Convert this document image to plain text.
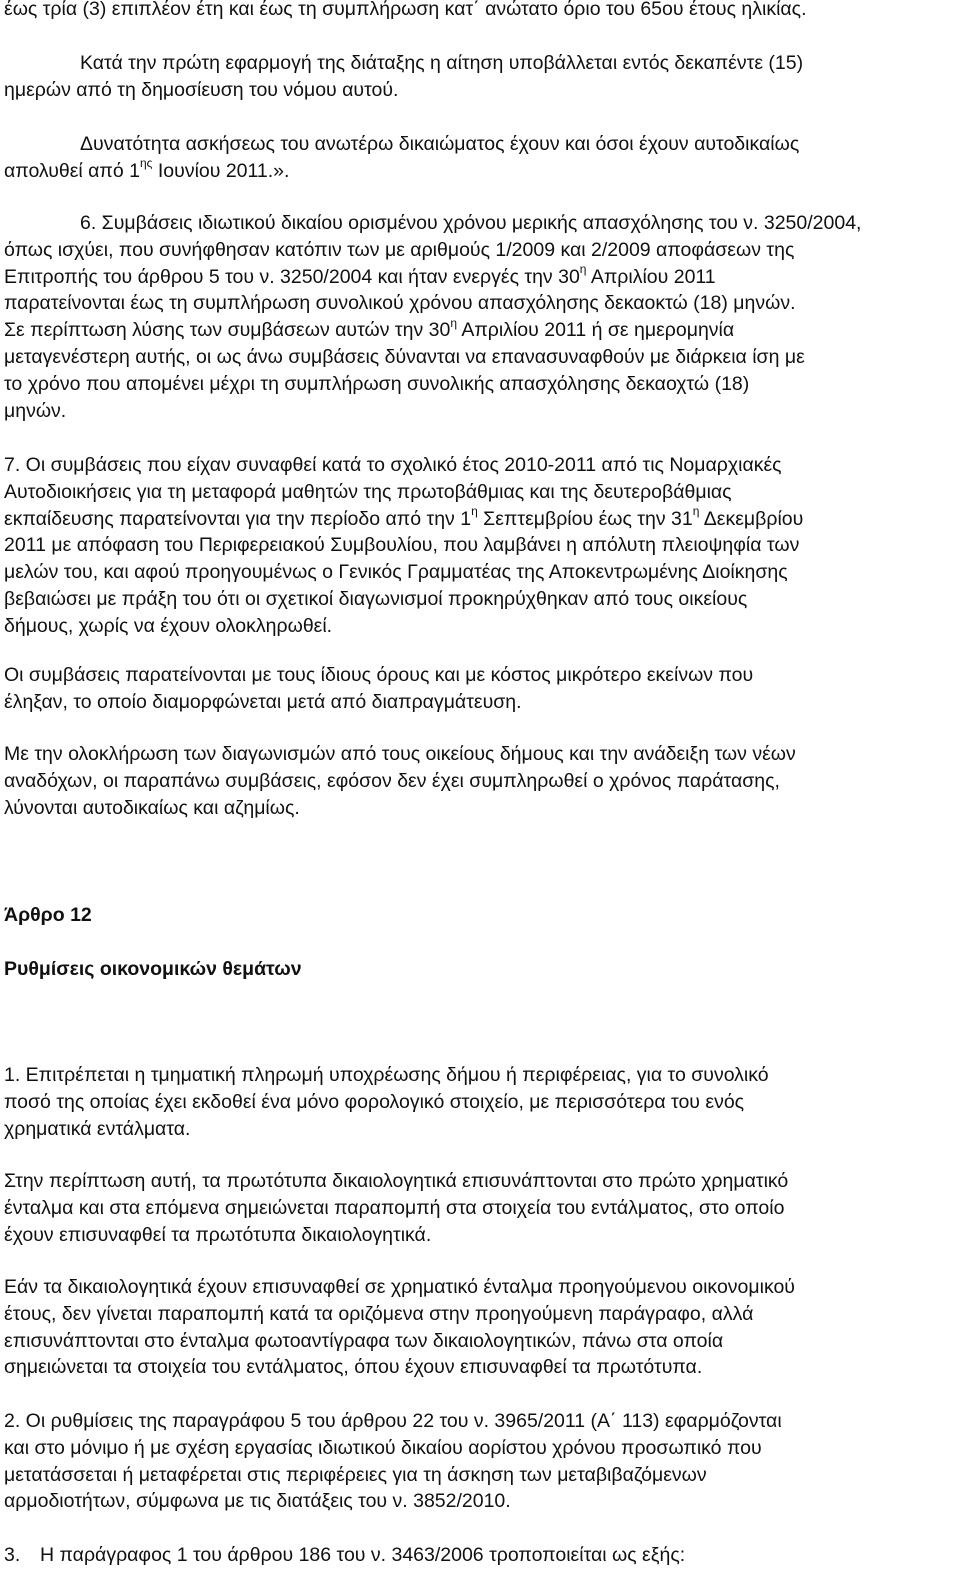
έως τρία (3) επιπλέον έτη και έως τη συμπλήρωση κατ΄ ανώτατο όριο του 65ου έτους ηλικίας.
Κατά την πρώτη εφαρμογή της διάταξης η αίτηση υποβάλλεται εντός δεκαπέντε (15)
ημερών από τη δημοσίευση του νόμου αυτού.
Δυνατότητα ασκήσεως του ανωτέρω δικαιώματος έχουν και όσοι έχουν αυτοδικαίως
απολυθεί από $1^{\eta\varsigma}$ Ιουνίου 2011.».
6. Συμβάσεις ιδιωτικού δικαίου ορισμένου χρόνου μερικής απασχόλησης του ν. 3250/2004,
όπως ισχύει, που συνήφθησαν κατόπιν των με αριθμούς 1/2009 και 2/2009 αποφάσεων της
Επιτροπής του άρθρου 5 του ν. 3250/2004 και ήταν ενεργές την $30^\eta$ Απριλίου 2011
παρατείνονται έως τη συμπλήρωση συνολικού χρόνου απασχόλησης δεκαοκτώ (18) μηνών.
Σε περίπτωση λύσης των συμβάσεων αυτών την $30^\eta$ Απριλίου 2011 ή σε ημερομηνία
μεταγενέστερη αυτής, οι ως άνω συμβάσεις δύνανται να επανασυναφθούν με διάρκεια ίση με
το χρόνο που απομένει μέχρι τη συμπλήρωση συνολικής απασχόλησης δεκαοχτώ (18)
μηνών.
7. Οι συμβάσεις που είχαν συναφθεί κατά το σχολικό έτος 2010-2011 από τις Νομαρχιακές
Αυτοδιοικήσεις για τη μεταφορά μαθητών της πρωτοβάθμιας και της δευτεροβάθμιας
εκπαίδευσης παρατείνονται για την περίοδο από την $1^\eta$ Σεπτεμβρίου έως την $31^\eta$ Δεκεμβρίου
2011 με απόφαση του Περιφερειακού Συμβουλίου, που λαμβάνει η απόλυτη πλειοψηφία των
μελών του, και αφού προηγουμένως ο Γενικός Γραμματέας της Αποκεντρωμένης Διοίκησης
βεβαιώσει με πράξη του ότι οι σχετικοί διαγωνισμοί προκηρύχθηκαν από τους οικείους
δήμους, χωρίς να έχουν ολοκληρωθεί.
Οι συμβάσεις παρατείνονται με τους ίδιους όρους και με κόστος μικρότερο εκείνων που
έληξαν, το οποίο διαμορφώνεται μετά από διαπραγμάτευση.
Με την ολοκλήρωση των διαγωνισμών από τους οικείους δήμους και την ανάδειξη των νέων
αναδόχων, οι παραπάνω συμβάσεις, εφόσον δεν έχει συμπληρωθεί ο χρόνος παράτασης,
λύνονται αυτοδικαίως και αζημίως.
Άρθρο 12
Ρυθμίσεις οικονομικών θεμάτων
1. Επιτρέπεται η τμηματική πληρωμή υποχρέωσης δήμου ή περιφέρειας, για το συνολικό
ποσό της οποίας έχει εκδοθεί ένα μόνο φορολογικό στοιχείο, με περισσότερα του ενός
χρηματικά εντάλματα.
Στην περίπτωση αυτή, τα πρωτότυπα δικαιολογητικά επισυνάπτονται στο πρώτο χρηματικό
ένταλμα και στα επόμενα σημειώνεται παραπομπή στα στοιχεία του εντάλματος, στο οποίο
έχουν επισυναφθεί τα πρωτότυπα δικαιολογητικά.
Εάν τα δικαιολογητικά έχουν επισυναφθεί σε χρηματικό ένταλμα προηγούμενου οικονομικού
έτους, δεν γίνεται παραπομπή κατά τα οριζόμενα στην προηγούμενη παράγραφο, αλλά
επισυνάπτονται στο ένταλμα φωτοαντίγραφα των δικαιολογητικών, πάνω στα οποία
σημειώνεται τα στοιχεία του εντάλματος, όπου έχουν επισυναφθεί τα πρωτότυπα.
2. Οι ρυθμίσεις της παραγράφου 5 του άρθρου 22 του ν. 3965/2011 (Α΄ 113) εφαρμόζονται
και στο μόνιμο ή με σχέση εργασίας ιδιωτικού δικαίου αορίστου χρόνου προσωπικό που
μετατάσσεται ή μεταφέρεται στις περιφέρειες για τη άσκηση των μεταβιβαζόμενων
αρμοδιοτήτων, σύμφωνα με τις διατάξεις του ν. 3852/2010.
3. Η παράγραφος 1 του άρθρου 186 του ν. 3463/2006 τροποποιείται ως εξής:
